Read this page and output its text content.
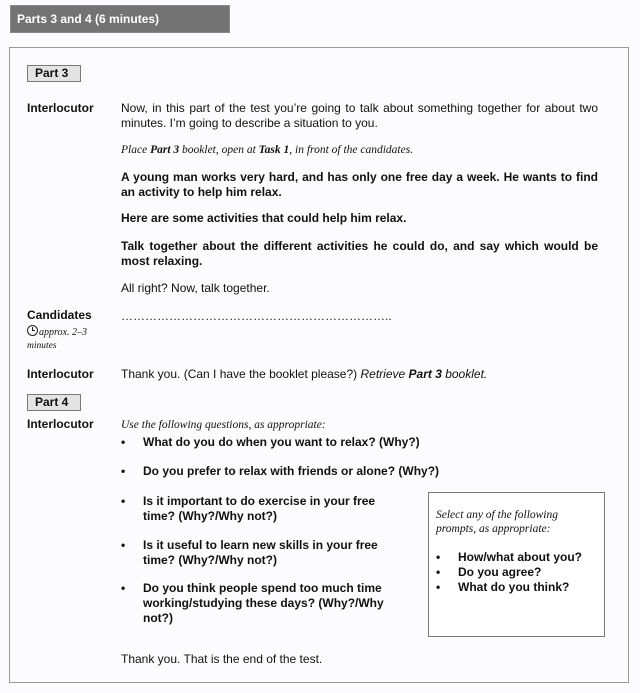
Parts 3 and 4 (6 minutes)
Part 3
Interlocutor Now, in this part of the test you’re going to talk about something together for about two minutes. I’m going to describe a situation to you.
Place Part 3 booklet, open at Task 1, in front of the candidates.
A young man works very hard, and has only one free day a week. He wants to find an activity to help him relax.
Here are some activities that could help him relax.
Talk together about the different activities he could do, and say which would be most relaxing.
All right? Now, talk together.
Candidates
approx. 2–3
minutes
…………………………………………………………..
Interlocutor Thank you. (Can I have the booklet please?) Retrieve Part 3 booklet.
Part 4
Interlocutor Use the following questions, as appropriate:
• What do you do when you want to relax? (Why?)
• Do you prefer to relax with friends or alone? (Why?)
• Is it important to do exercise in your free time? (Why?/Why not?)
• Is it useful to learn new skills in your free time? (Why?/Why not?)
• Do you think people spend too much time working/studying these days? (Why?/Why not?)
Select any of the following prompts, as appropriate:
• How/what about you?
• Do you agree?
• What do you think?
Thank you. That is the end of the test.
